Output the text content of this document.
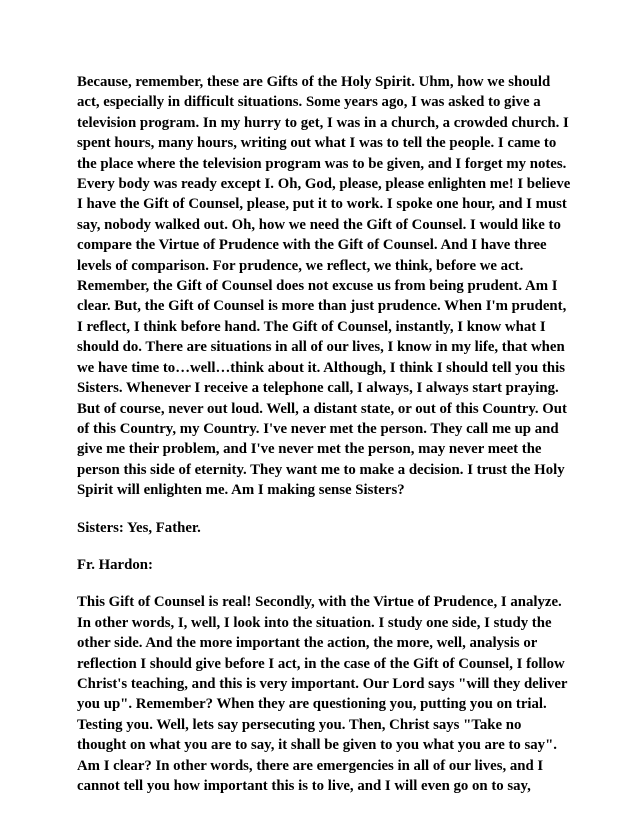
Because, remember, these are Gifts of the Holy Spirit. Uhm, how we should
act, especially in difficult situations. Some years ago, I was asked to give a
television program. In my hurry to get, I was in a church, a crowded church. I
spent hours, many hours, writing out what I was to tell the people. I came to
the place where the television program was to be given, and I forget my notes.
Every body was ready except I. Oh, God, please, please enlighten me! I believe
I have the Gift of Counsel, please, put it to work. I spoke one hour, and I must
say, nobody walked out. Oh, how we need the Gift of Counsel. I would like to
compare the Virtue of Prudence with the Gift of Counsel. And I have three
levels of comparison. For prudence, we reflect, we think, before we act.
Remember, the Gift of Counsel does not excuse us from being prudent. Am I
clear. But, the Gift of Counsel is more than just prudence. When I'm prudent,
I reflect, I think before hand. The Gift of Counsel, instantly, I know what I
should do. There are situations in all of our lives, I know in my life, that when
we have time to…well…think about it. Although, I think I should tell you this
Sisters. Whenever I receive a telephone call, I always, I always start praying.
But of course, never out loud. Well, a distant state, or out of this Country. Out
of this Country, my Country. I've never met the person. They call me up and
give me their problem, and I've never met the person, may never meet the
person this side of eternity. They want me to make a decision. I trust the Holy
Spirit will enlighten me. Am I making sense Sisters?

Sisters: Yes, Father.

Fr. Hardon:

This Gift of Counsel is real! Secondly, with the Virtue of Prudence, I analyze.
In other words, I, well, I look into the situation. I study one side, I study the
other side. And the more important the action, the more, well, analysis or
reflection I should give before I act, in the case of the Gift of Counsel, I follow
Christ's teaching, and this is very important. Our Lord says "will they deliver
you up". Remember? When they are questioning you, putting you on trial.
Testing you. Well, lets say persecuting you. Then, Christ says "Take no
thought on what you are to say, it shall be given to you what you are to say".
Am I clear? In other words, there are emergencies in all of our lives, and I
cannot tell you how important this is to live, and I will even go on to say,
